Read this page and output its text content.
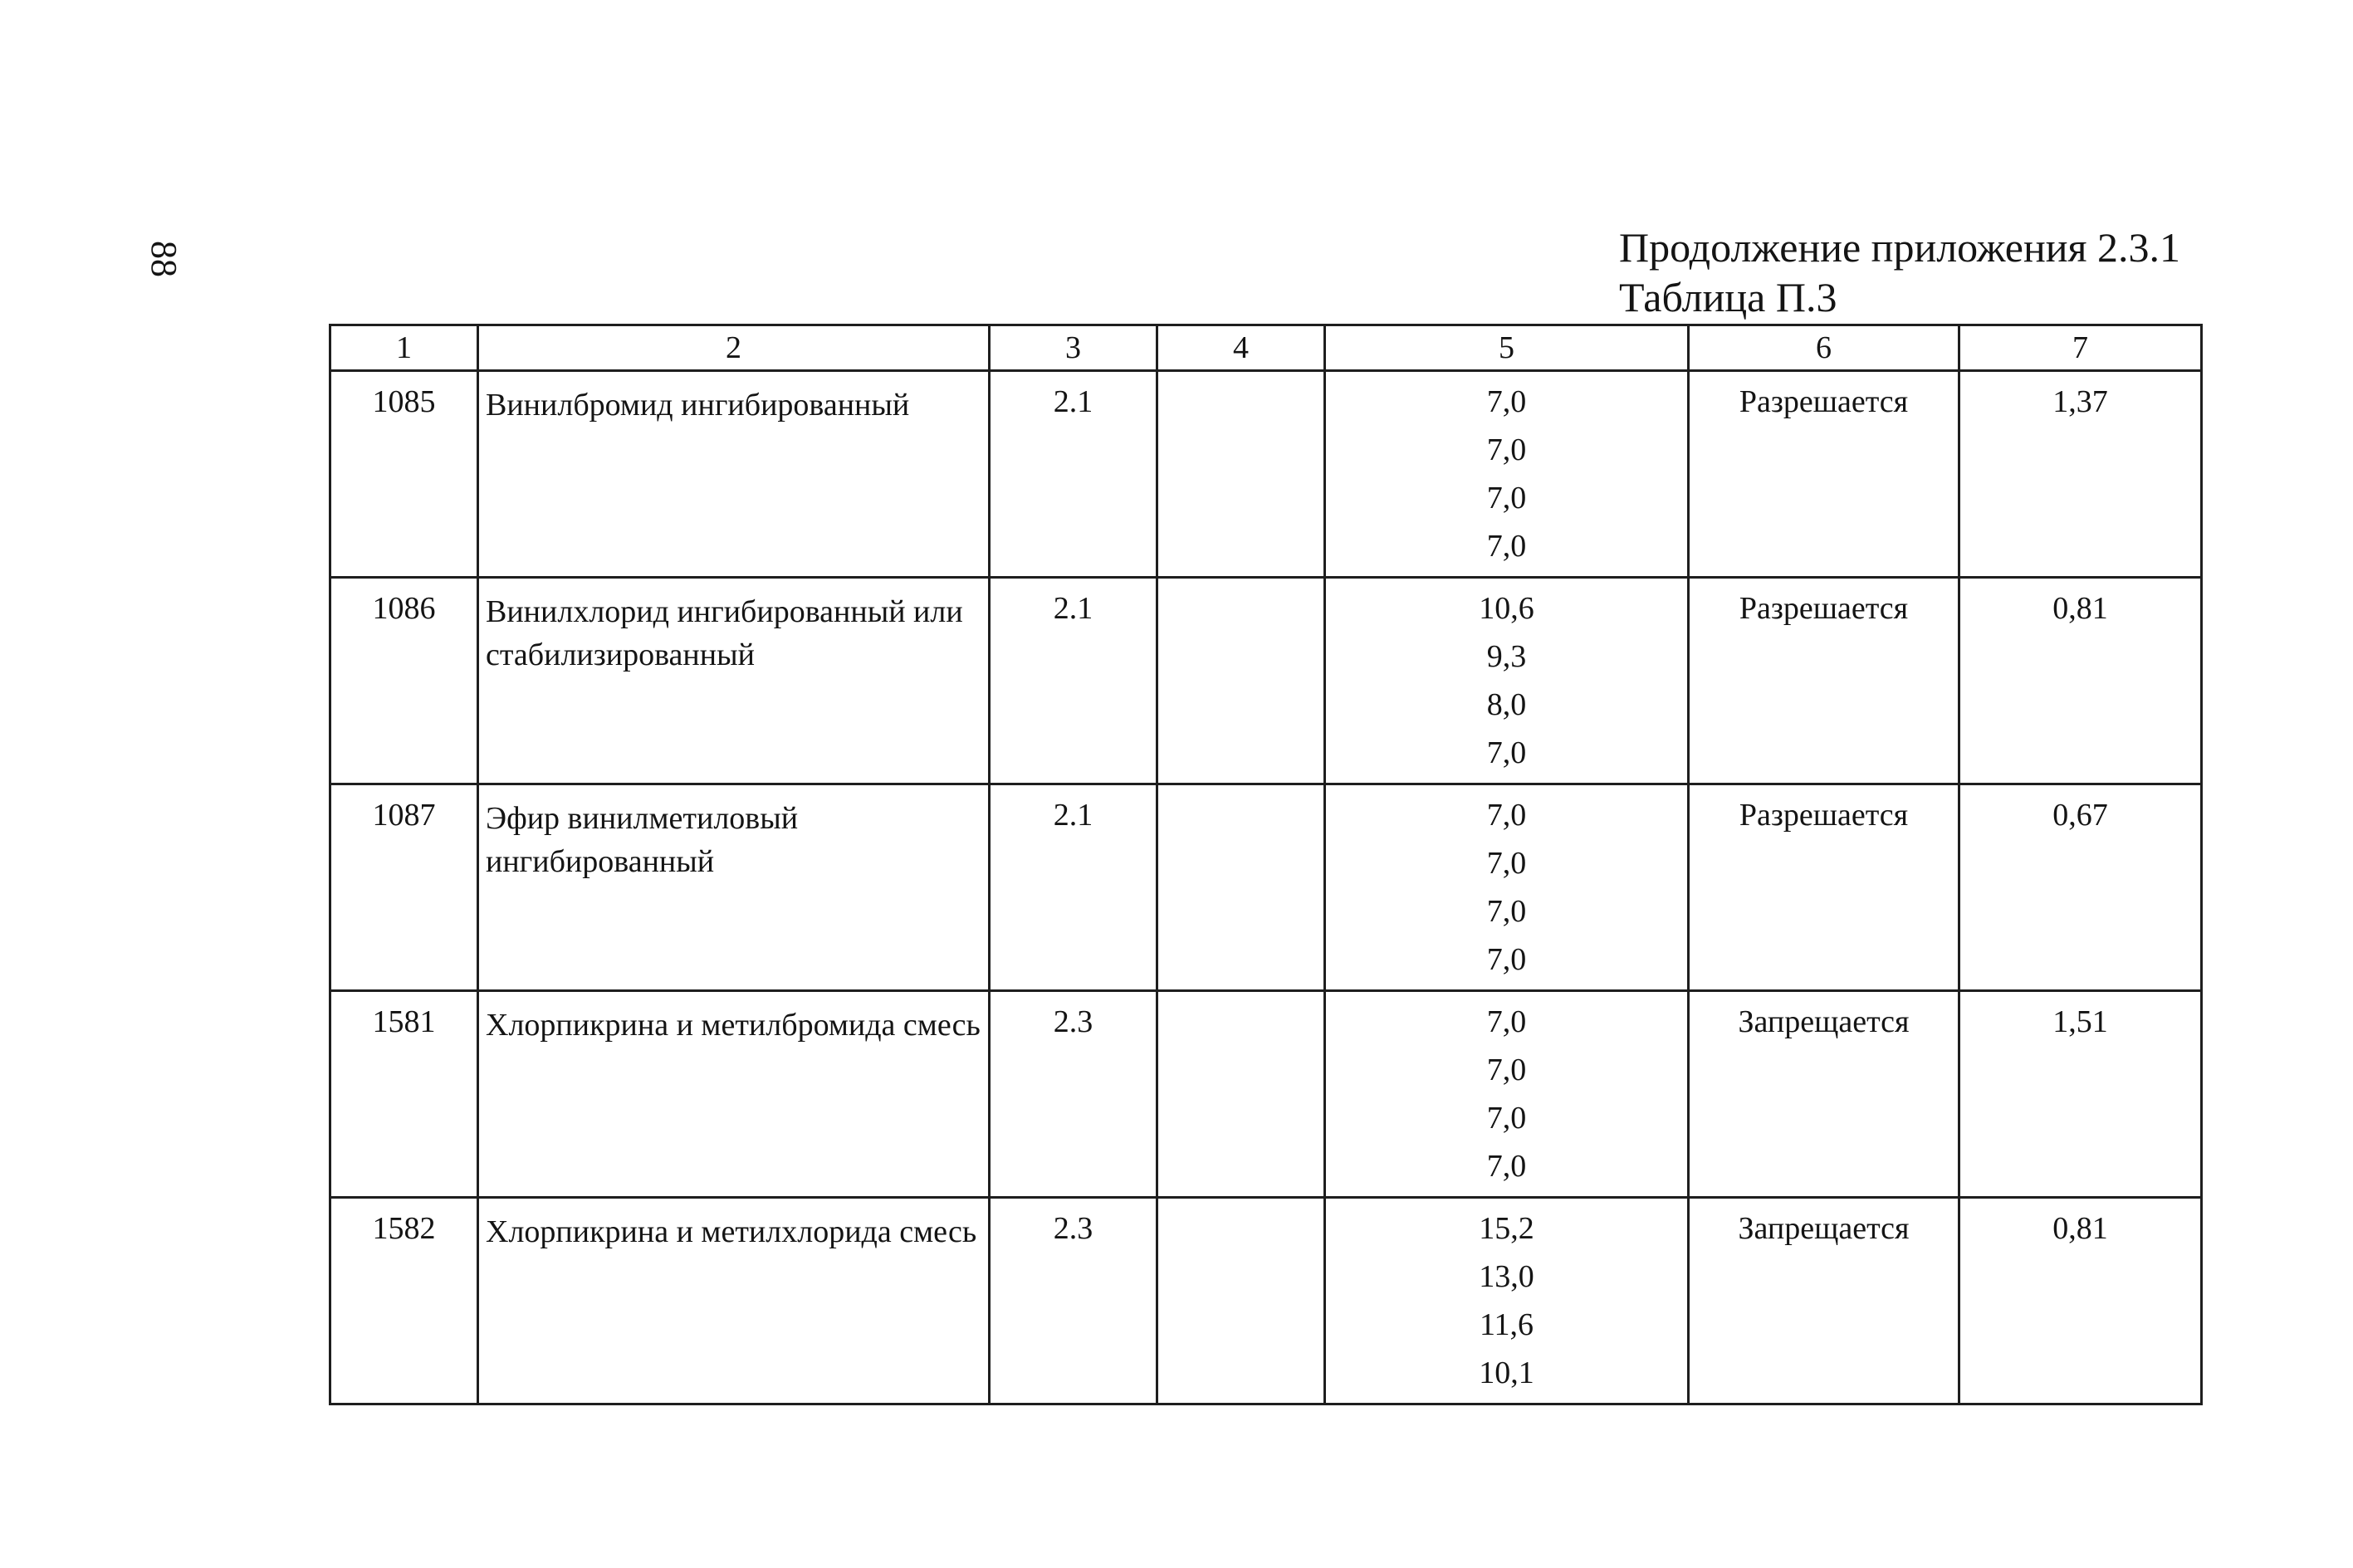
88	Продолжение приложения 2.3.1
Таблица П.3
1	2	3	4	5	6	7
1085	Винилбромид ингибированный	2.1		7,0
7,0
7,0
7,0	Разрешается	1,37
1086	Винилхлорид ингибированный или стабилизированный	2.1		10,6
9,3
8,0
7,0	Разрешается	0,81
1087	Эфир винилметиловый ингибированный	2.1		7,0
7,0
7,0
7,0	Разрешается	0,67
1581	Хлорпикрина и метилбромида смесь	2.3		7,0
7,0
7,0
7,0	Запрещается	1,51
1582	Хлорпикрина и метилхлорида смесь	2.3		15,2
13,0
11,6
10,1	Запрещается	0,81
